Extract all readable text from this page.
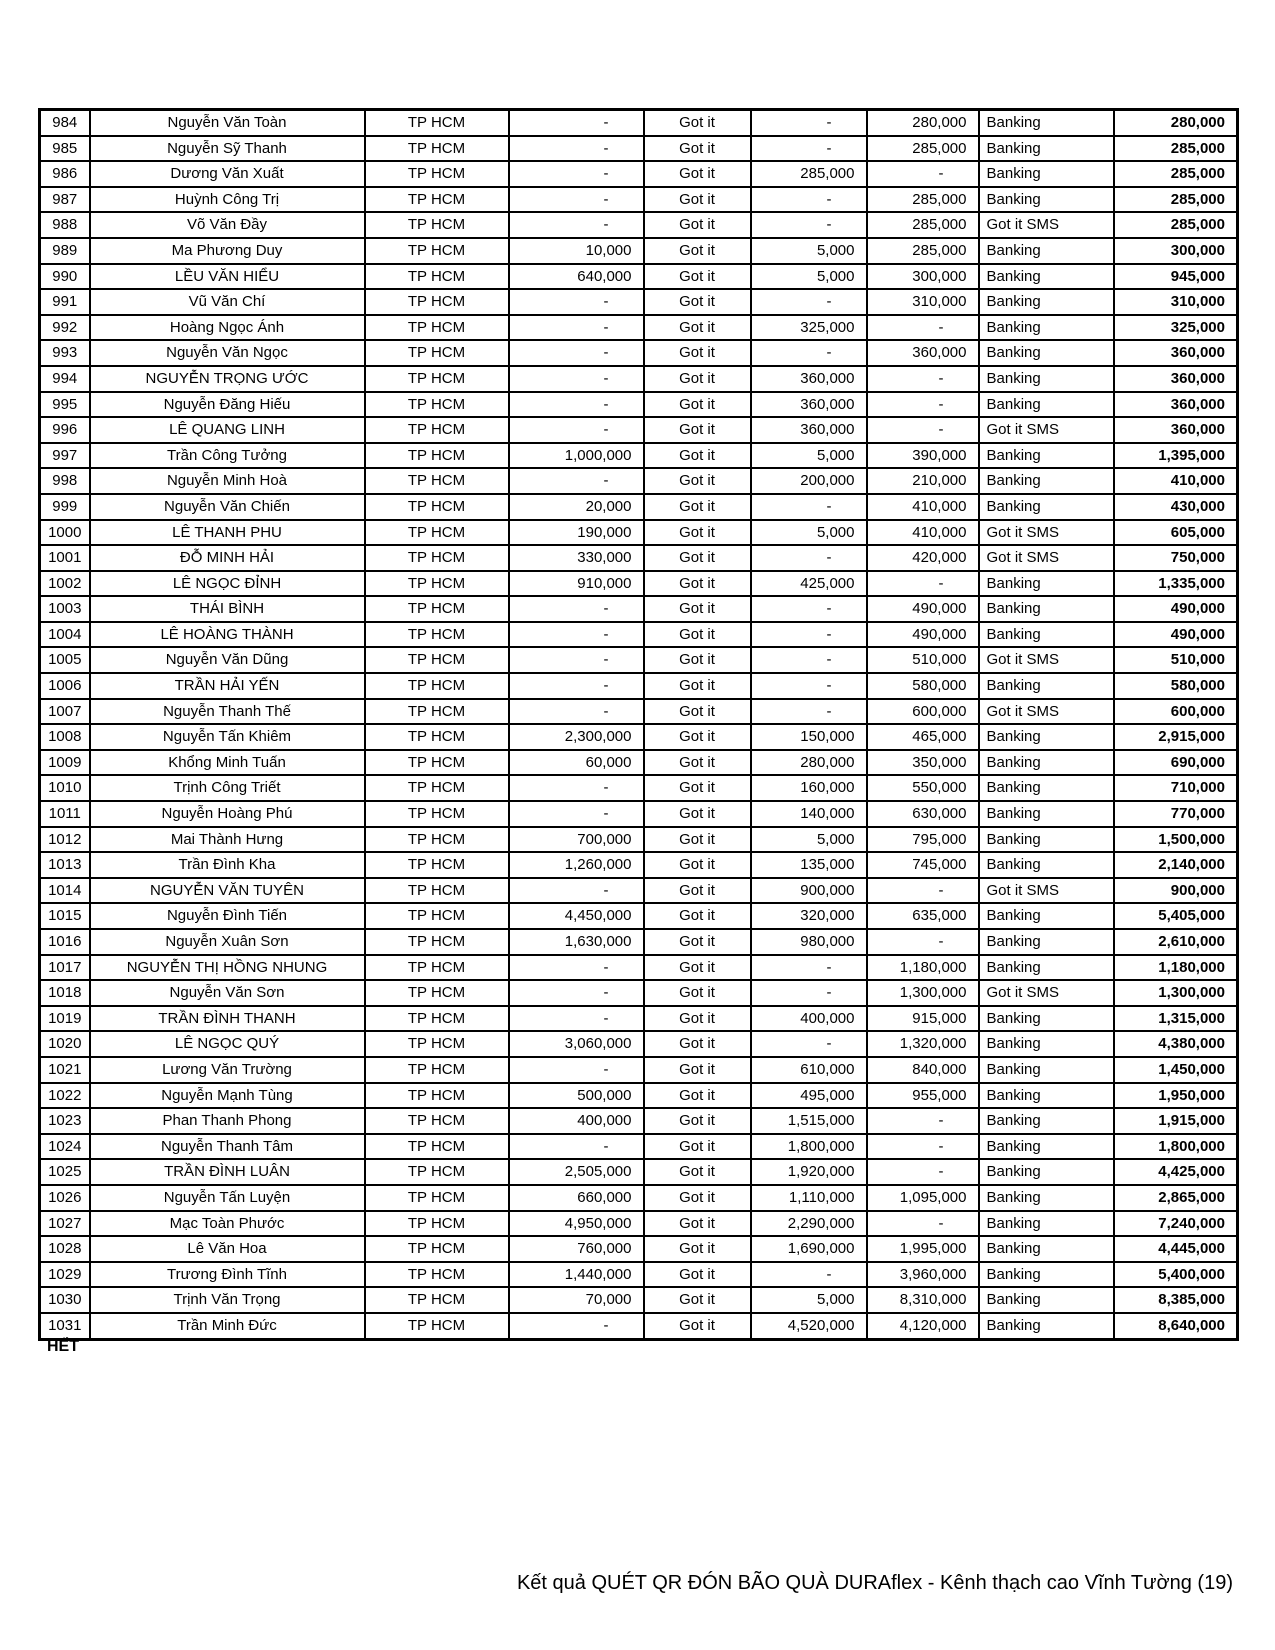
984	Nguyễn Văn Toàn	TP HCM	-	Got it	-	280,000	Banking	280,000
985	Nguyễn Sỹ Thanh	TP HCM	-	Got it	-	285,000	Banking	285,000
986	Dương Văn Xuất	TP HCM	-	Got it	285,000	-	Banking	285,000
987	Huỳnh Công Trị	TP HCM	-	Got it	-	285,000	Banking	285,000
988	Võ Văn Đầy	TP HCM	-	Got it	-	285,000	Got it SMS	285,000
989	Ma Phương Duy	TP HCM	10,000	Got it	5,000	285,000	Banking	300,000
990	LỀU VĂN HIỂU	TP HCM	640,000	Got it	5,000	300,000	Banking	945,000
991	Vũ Văn Chí	TP HCM	-	Got it	-	310,000	Banking	310,000
992	Hoàng Ngọc Ánh	TP HCM	-	Got it	325,000	-	Banking	325,000
993	Nguyễn Văn Ngọc	TP HCM	-	Got it	-	360,000	Banking	360,000
994	NGUYỄN TRỌNG ƯỚC	TP HCM	-	Got it	360,000	-	Banking	360,000
995	Nguyễn Đăng Hiếu	TP HCM	-	Got it	360,000	-	Banking	360,000
996	LÊ QUANG LINH	TP HCM	-	Got it	360,000	-	Got it SMS	360,000
997	Trần Công Tưởng	TP HCM	1,000,000	Got it	5,000	390,000	Banking	1,395,000
998	Nguyễn Minh Hoà	TP HCM	-	Got it	200,000	210,000	Banking	410,000
999	Nguyễn Văn Chiến	TP HCM	20,000	Got it	-	410,000	Banking	430,000
1000	LÊ THANH PHU	TP HCM	190,000	Got it	5,000	410,000	Got it SMS	605,000
1001	ĐỖ MINH HẢI	TP HCM	330,000	Got it	-	420,000	Got it SMS	750,000
1002	LÊ NGỌC ĐỈNH	TP HCM	910,000	Got it	425,000	-	Banking	1,335,000
1003	THÁI BÌNH	TP HCM	-	Got it	-	490,000	Banking	490,000
1004	LÊ HOÀNG THÀNH	TP HCM	-	Got it	-	490,000	Banking	490,000
1005	Nguyễn Văn Dũng	TP HCM	-	Got it	-	510,000	Got it SMS	510,000
1006	TRẦN HẢI YẾN	TP HCM	-	Got it	-	580,000	Banking	580,000
1007	Nguyễn Thanh Thế	TP HCM	-	Got it	-	600,000	Got it SMS	600,000
1008	Nguyễn Tấn Khiêm	TP HCM	2,300,000	Got it	150,000	465,000	Banking	2,915,000
1009	Khổng Minh Tuấn	TP HCM	60,000	Got it	280,000	350,000	Banking	690,000
1010	Trịnh Công Triết	TP HCM	-	Got it	160,000	550,000	Banking	710,000
1011	Nguyễn Hoàng Phú	TP HCM	-	Got it	140,000	630,000	Banking	770,000
1012	Mai Thành Hưng	TP HCM	700,000	Got it	5,000	795,000	Banking	1,500,000
1013	Trần Đình Kha	TP HCM	1,260,000	Got it	135,000	745,000	Banking	2,140,000
1014	NGUYỄN VĂN TUYÊN	TP HCM	-	Got it	900,000	-	Got it SMS	900,000
1015	Nguyễn Đình Tiến	TP HCM	4,450,000	Got it	320,000	635,000	Banking	5,405,000
1016	Nguyễn Xuân Sơn	TP HCM	1,630,000	Got it	980,000	-	Banking	2,610,000
1017	NGUYỄN THỊ HỒNG NHUNG	TP HCM	-	Got it	-	1,180,000	Banking	1,180,000
1018	Nguyễn Văn Sơn	TP HCM	-	Got it	-	1,300,000	Got it SMS	1,300,000
1019	TRẦN ĐÌNH THANH	TP HCM	-	Got it	400,000	915,000	Banking	1,315,000
1020	LÊ NGỌC QUÝ	TP HCM	3,060,000	Got it	-	1,320,000	Banking	4,380,000
1021	Lương Văn Trường	TP HCM	-	Got it	610,000	840,000	Banking	1,450,000
1022	Nguyễn Mạnh Tùng	TP HCM	500,000	Got it	495,000	955,000	Banking	1,950,000
1023	Phan Thanh Phong	TP HCM	400,000	Got it	1,515,000	-	Banking	1,915,000
1024	Nguyễn Thanh Tâm	TP HCM	-	Got it	1,800,000	-	Banking	1,800,000
1025	TRẦN ĐÌNH LUÂN	TP HCM	2,505,000	Got it	1,920,000	-	Banking	4,425,000
1026	Nguyễn Tấn Luyện	TP HCM	660,000	Got it	1,110,000	1,095,000	Banking	2,865,000
1027	Mạc Toàn Phước	TP HCM	4,950,000	Got it	2,290,000	-	Banking	7,240,000
1028	Lê Văn Hoa	TP HCM	760,000	Got it	1,690,000	1,995,000	Banking	4,445,000
1029	Trương Đình Tĩnh	TP HCM	1,440,000	Got it	-	3,960,000	Banking	5,400,000
1030	Trịnh Văn Trọng	TP HCM	70,000	Got it	5,000	8,310,000	Banking	8,385,000
1031	Trần Minh Đức	TP HCM	-	Got it	4,520,000	4,120,000	Banking	8,640,000
HẾT
Kết quả QUÉT QR ĐÓN BÃO QUÀ DURAflex - Kênh thạch cao Vĩnh Tường (19)
